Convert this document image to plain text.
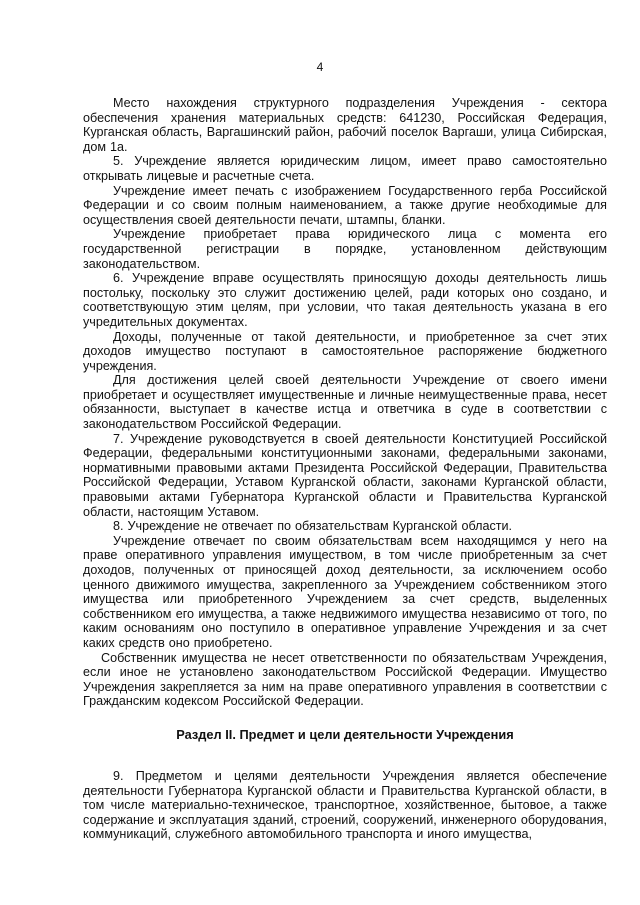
4

Место нахождения структурного подразделения Учреждения - сектора обеспечения хранения материальных средств: 641230, Российская Федерация, Курганская область, Варгашинский район, рабочий поселок Варгаши, улица Сибирская, дом 1а.

5. Учреждение является юридическим лицом, имеет право самостоятельно открывать лицевые и расчетные счета.

Учреждение имеет печать с изображением Государственного герба Российской Федерации и со своим полным наименованием, а также другие необходимые для осуществления своей деятельности печати, штампы, бланки.

Учреждение приобретает права юридического лица с момента его государственной регистрации в порядке, установленном действующим законодательством.

6. Учреждение вправе осуществлять приносящую доходы деятельность лишь постольку, поскольку это служит достижению целей, ради которых оно создано, и соответствующую этим целям, при условии, что такая деятельность указана в его учредительных документах.

Доходы, полученные от такой деятельности, и приобретенное за счет этих доходов имущество поступают в самостоятельное распоряжение бюджетного учреждения.

Для достижения целей своей деятельности Учреждение от своего имени приобретает и осуществляет имущественные и личные неимущественные права, несет обязанности, выступает в качестве истца и ответчика в суде в соответствии с законодательством Российской Федерации.

7. Учреждение руководствуется в своей деятельности Конституцией Российской Федерации, федеральными конституционными законами, федеральными законами, нормативными правовыми актами Президента Российской Федерации, Правительства Российской Федерации, Уставом Курганской области, законами Курганской области, правовыми актами Губернатора Курганской области и Правительства Курганской области, настоящим Уставом.

8. Учреждение не отвечает по обязательствам Курганской области.

Учреждение отвечает по своим обязательствам всем находящимся у него на праве оперативного управления имуществом, в том числе приобретенным за счет доходов, полученных от приносящей доход деятельности, за исключением особо ценного движимого имущества, закрепленного за Учреждением собственником этого имущества или приобретенного Учреждением за счет средств, выделенных собственником его имущества, а также недвижимого имущества независимо от того, по каким основаниям оно поступило в оперативное управление Учреждения и за счет каких средств оно приобретено.

Собственник имущества не несет ответственности по обязательствам Учреждения, если иное не установлено законодательством Российской Федерации. Имущество Учреждения закрепляется за ним на праве оперативного управления в соответствии с Гражданским кодексом Российской Федерации.

Раздел II. Предмет и цели деятельности Учреждения

9. Предметом и целями деятельности Учреждения является обеспечение деятельности Губернатора Курганской области и Правительства Курганской области, в том числе материально-техническое, транспортное, хозяйственное, бытовое, а также содержание и эксплуатация зданий, строений, сооружений, инженерного оборудования, коммуникаций, служебного автомобильного транспорта и иного имущества,
